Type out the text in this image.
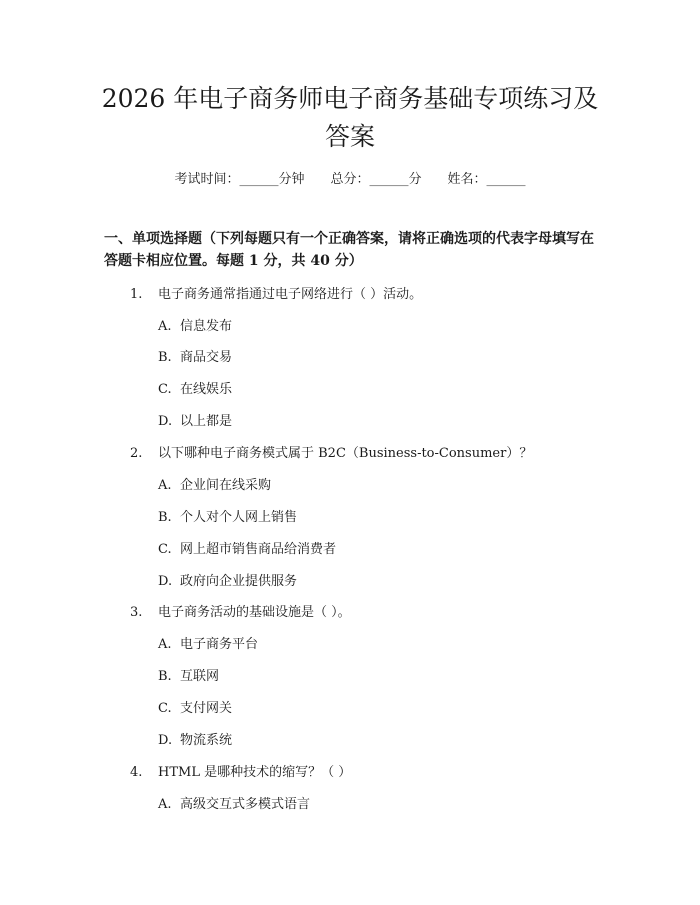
2026 年电子商务师电子商务基础专项练习及答案
考试时间：______分钟 总分：______分 姓名：______
一、单项选择题（下列每题只有一个正确答案，请将正确选项的代表字母填写在答题卡相应位置。每题 1 分，共 40 分）
1. 电子商务通常指通过电子网络进行（ ）活动。
A. 信息发布
B. 商品交易
C. 在线娱乐
D. 以上都是
2. 以下哪种电子商务模式属于 B2C（Business-to-Consumer）？
A. 企业间在线采购
B. 个人对个人网上销售
C. 网上超市销售商品给消费者
D. 政府向企业提供服务
3. 电子商务活动的基础设施是（ ）。
A. 电子商务平台
B. 互联网
C. 支付网关
D. 物流系统
4. HTML 是哪种技术的缩写？（ ）
A. 高级交互式多模式语言
